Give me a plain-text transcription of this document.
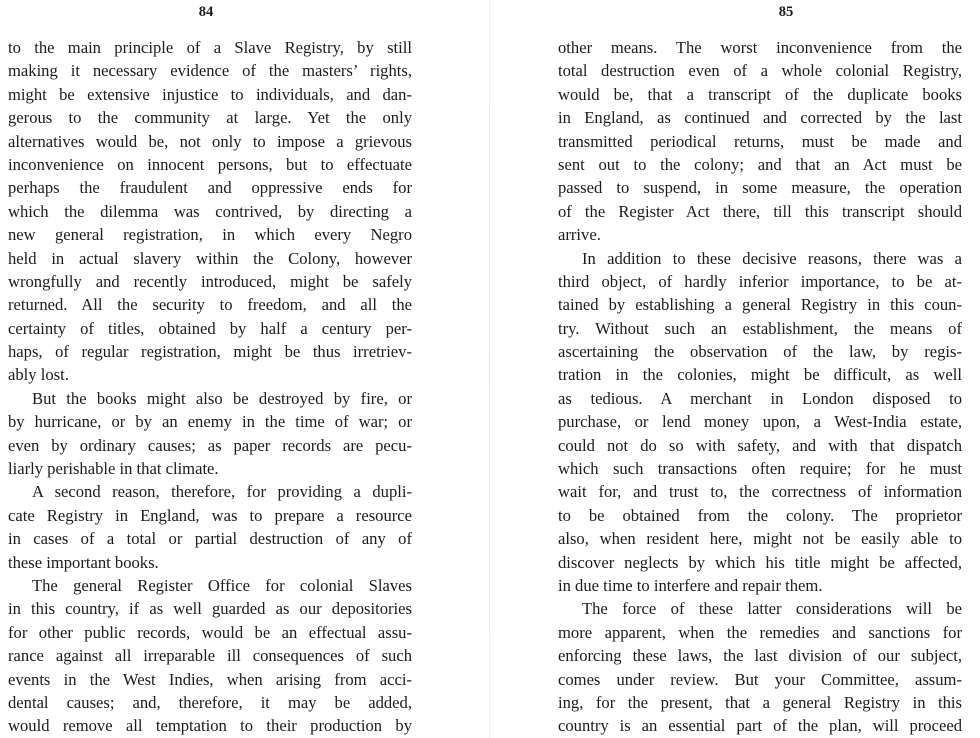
84
to the main principle of a Slave Registry, by still
making it necessary evidence of the masters’ rights,
might be extensive injustice to individuals, and dan-
gerous to the community at large. Yet the only
alternatives would be, not only to impose a grievous
inconvenience on innocent persons, but to effectuate
perhaps the fraudulent and oppressive ends for
which the dilemma was contrived, by directing a
new general registration, in which every Negro
held in actual slavery within the Colony, however
wrongfully and recently introduced, might be safely
returned. All the security to freedom, and all the
certainty of titles, obtained by half a century per-
haps, of regular registration, might be thus irretriev-
ably lost.
But the books might also be destroyed by fire, or
by hurricane, or by an enemy in the time of war; or
even by ordinary causes; as paper records are pecu-
liarly perishable in that climate.
A second reason, therefore, for providing a dupli-
cate Registry in England, was to prepare a resource
in cases of a total or partial destruction of any of
these important books.
The general Register Office for colonial Slaves
in this country, if as well guarded as our depositories
for other public records, would be an effectual assu-
rance against all irreparable ill consequences of such
events in the West Indies, when arising from acci-
dental causes; and, therefore, it may be added,
would remove all temptation to their production by
85
other means. The worst inconvenience from the
total destruction even of a whole colonial Registry,
would be, that a transcript of the duplicate books
in England, as continued and corrected by the last
transmitted periodical returns, must be made and
sent out to the colony; and that an Act must be
passed to suspend, in some measure, the operation
of the Register Act there, till this transcript should
arrive.
In addition to these decisive reasons, there was a
third object, of hardly inferior importance, to be at-
tained by establishing a general Registry in this coun-
try. Without such an establishment, the means of
ascertaining the observation of the law, by regis-
tration in the colonies, might be difficult, as well
as tedious. A merchant in London disposed to
purchase, or lend money upon, a West-India estate,
could not do so with safety, and with that dispatch
which such transactions often require; for he must
wait for, and trust to, the correctness of information
to be obtained from the colony. The proprietor
also, when resident here, might not be easily able to
discover neglects by which his title might be affected,
in due time to interfere and repair them.
The force of these latter considerations will be
more apparent, when the remedies and sanctions for
enforcing these laws, the last division of our subject,
comes under review. But your Committee, assum-
ing, for the present, that a general Registry in this
country is an essential part of the plan, will proceed
